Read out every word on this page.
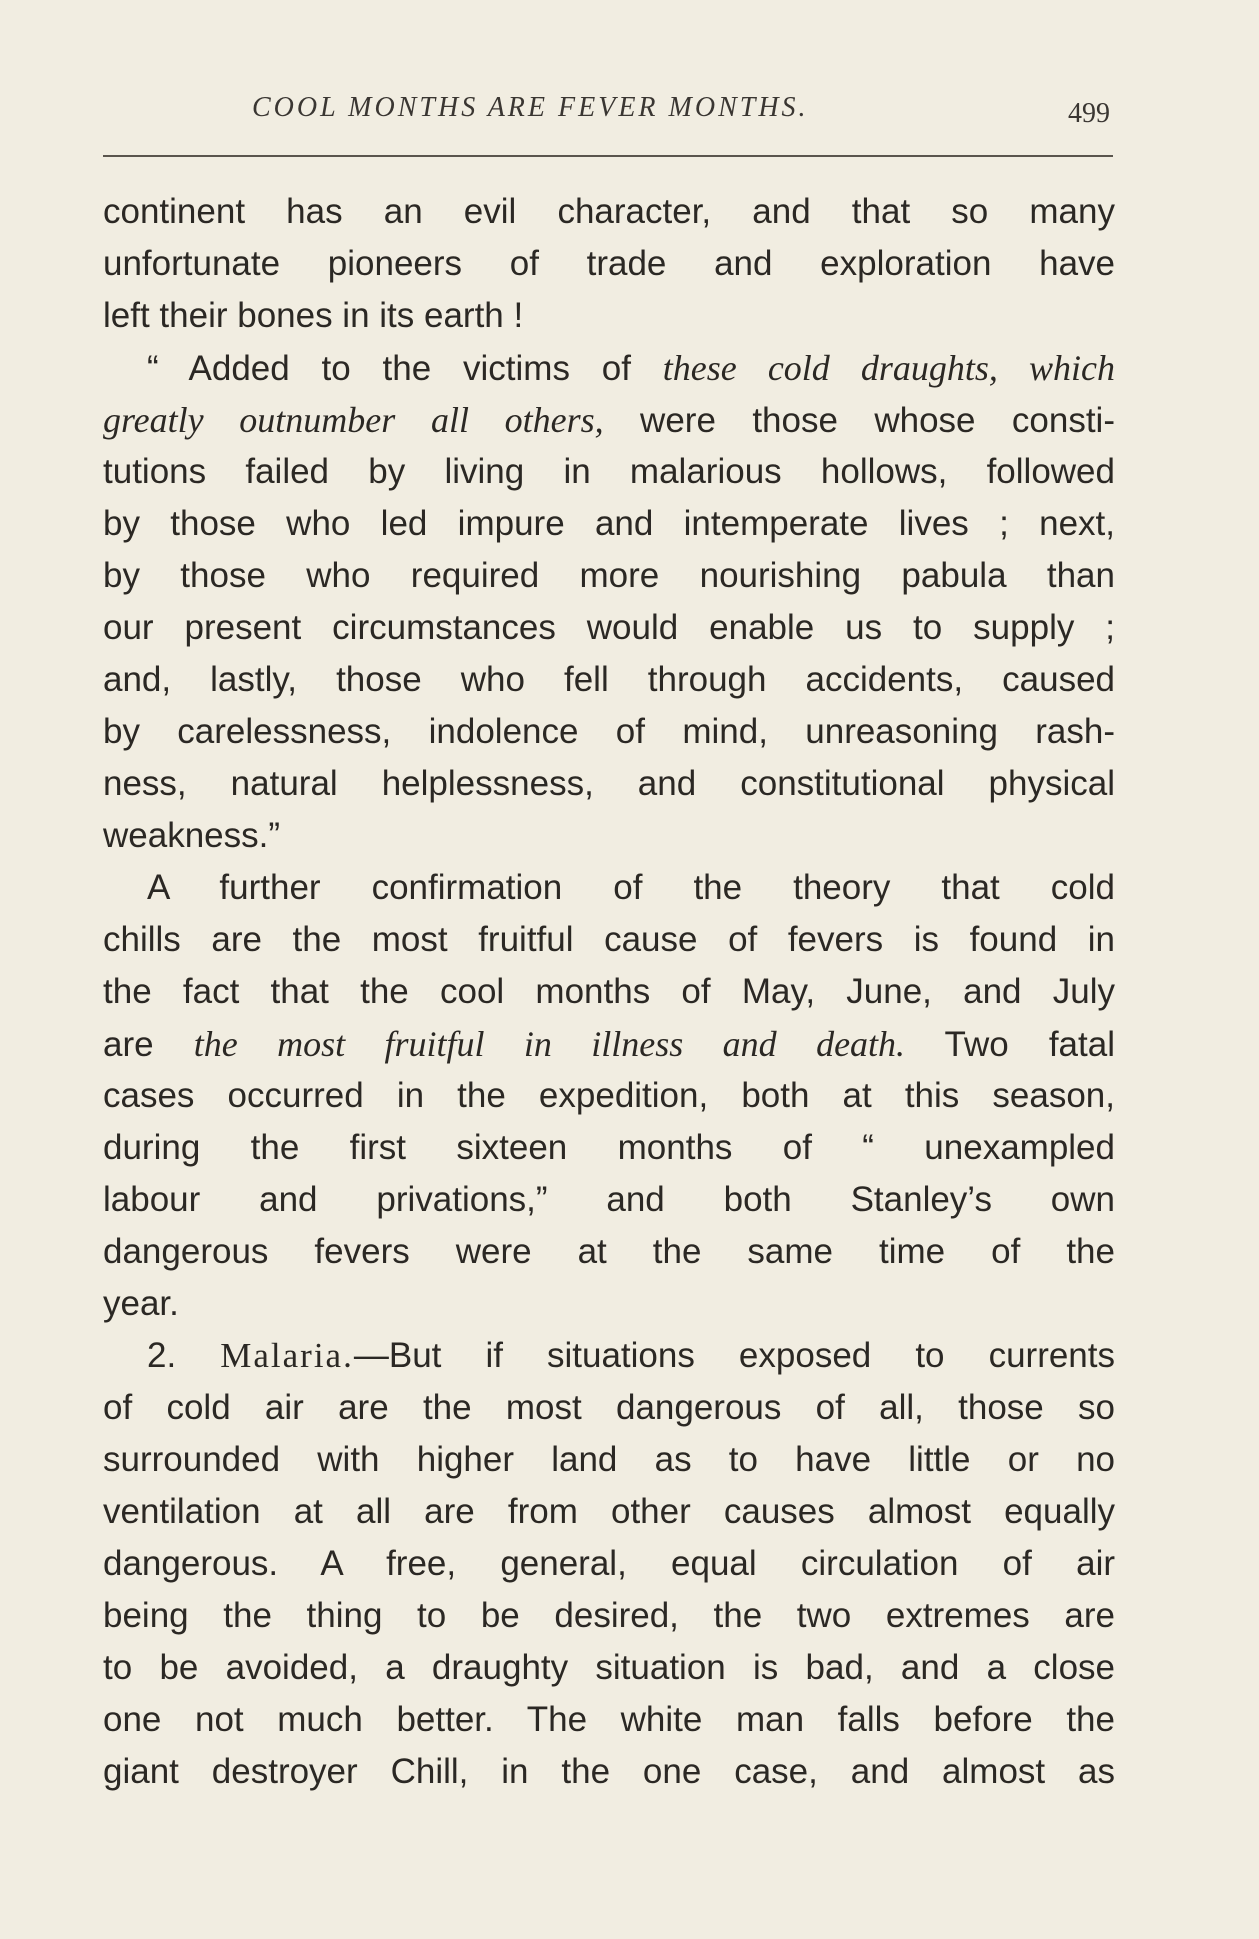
COOL MONTHS ARE FEVER MONTHS.	499
continent has an evil character, and that so many
unfortunate pioneers of trade and exploration have
left their bones in its earth !
“ Added to the victims of these cold draughts, which
greatly outnumber all others, were those whose consti-
tutions failed by living in malarious hollows, followed
by those who led impure and intemperate lives ; next,
by those who required more nourishing pabula than
our present circumstances would enable us to supply ;
and, lastly, those who fell through accidents, caused
by carelessness, indolence of mind, unreasoning rash-
ness, natural helplessness, and constitutional physical
weakness.”
A further confirmation of the theory that cold
chills are the most fruitful cause of fevers is found in
the fact that the cool months of May, June, and July
are the most fruitful in illness and death. Two fatal
cases occurred in the expedition, both at this season,
during the first sixteen months of “ unexampled
labour and privations,” and both Stanley’s own
dangerous fevers were at the same time of the
year.
2. Malaria.—But if situations exposed to currents
of cold air are the most dangerous of all, those so
surrounded with higher land as to have little or no
ventilation at all are from other causes almost equally
dangerous. A free, general, equal circulation of air
being the thing to be desired, the two extremes are
to be avoided, a draughty situation is bad, and a close
one not much better. The white man falls before the
giant destroyer Chill, in the one case, and almost as
